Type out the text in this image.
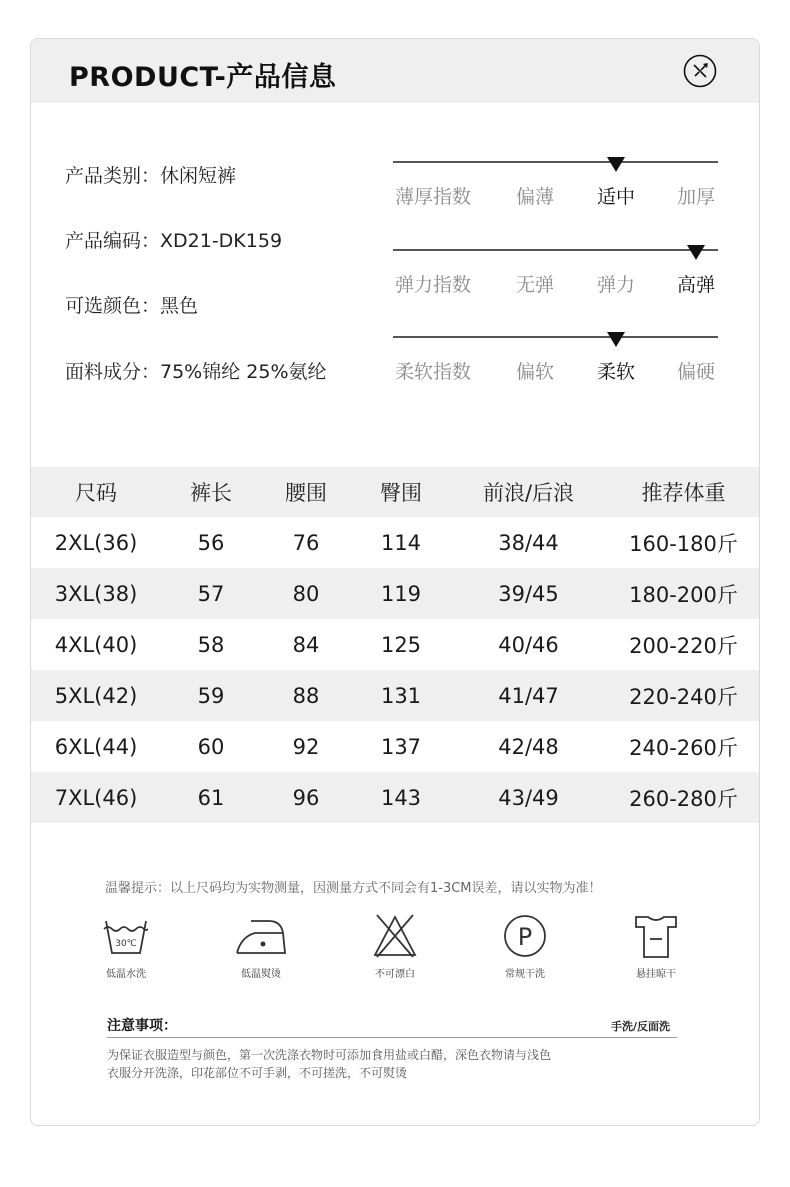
PRODUCT-产品信息
产品类别：休闲短裤
产品编码：XD21-DK159
可选颜色：黑色
面料成分：75%锦纶 25%氨纶
薄厚指数 偏薄 适中 加厚
弹力指数 无弹 弹力 高弹
柔软指数 偏软 柔软 偏硬
尺码	裤长	腰围	臀围	前浪/后浪	推荐体重
2XL(36)	56	76	114	38/44	160-180斤
3XL(38)	57	80	119	39/45	180-200斤
4XL(40)	58	84	125	40/46	200-220斤
5XL(42)	59	88	131	41/47	220-240斤
6XL(44)	60	92	137	42/48	240-260斤
7XL(46)	61	96	143	43/49	260-280斤
温馨提示：以上尺码均为实物测量，因测量方式不同会有1-3CM误差，请以实物为准！
30℃
低温水洗	低温熨烫	不可漂白
P
常规干洗	悬挂晾干
注意事项：	手洗/反面洗
为保证衣服造型与颜色，第一次洗涤衣物时可添加食用盐或白醋，深色衣物请与浅色
衣服分开洗涤，印花部位不可手剥，不可搓洗，不可熨烫
